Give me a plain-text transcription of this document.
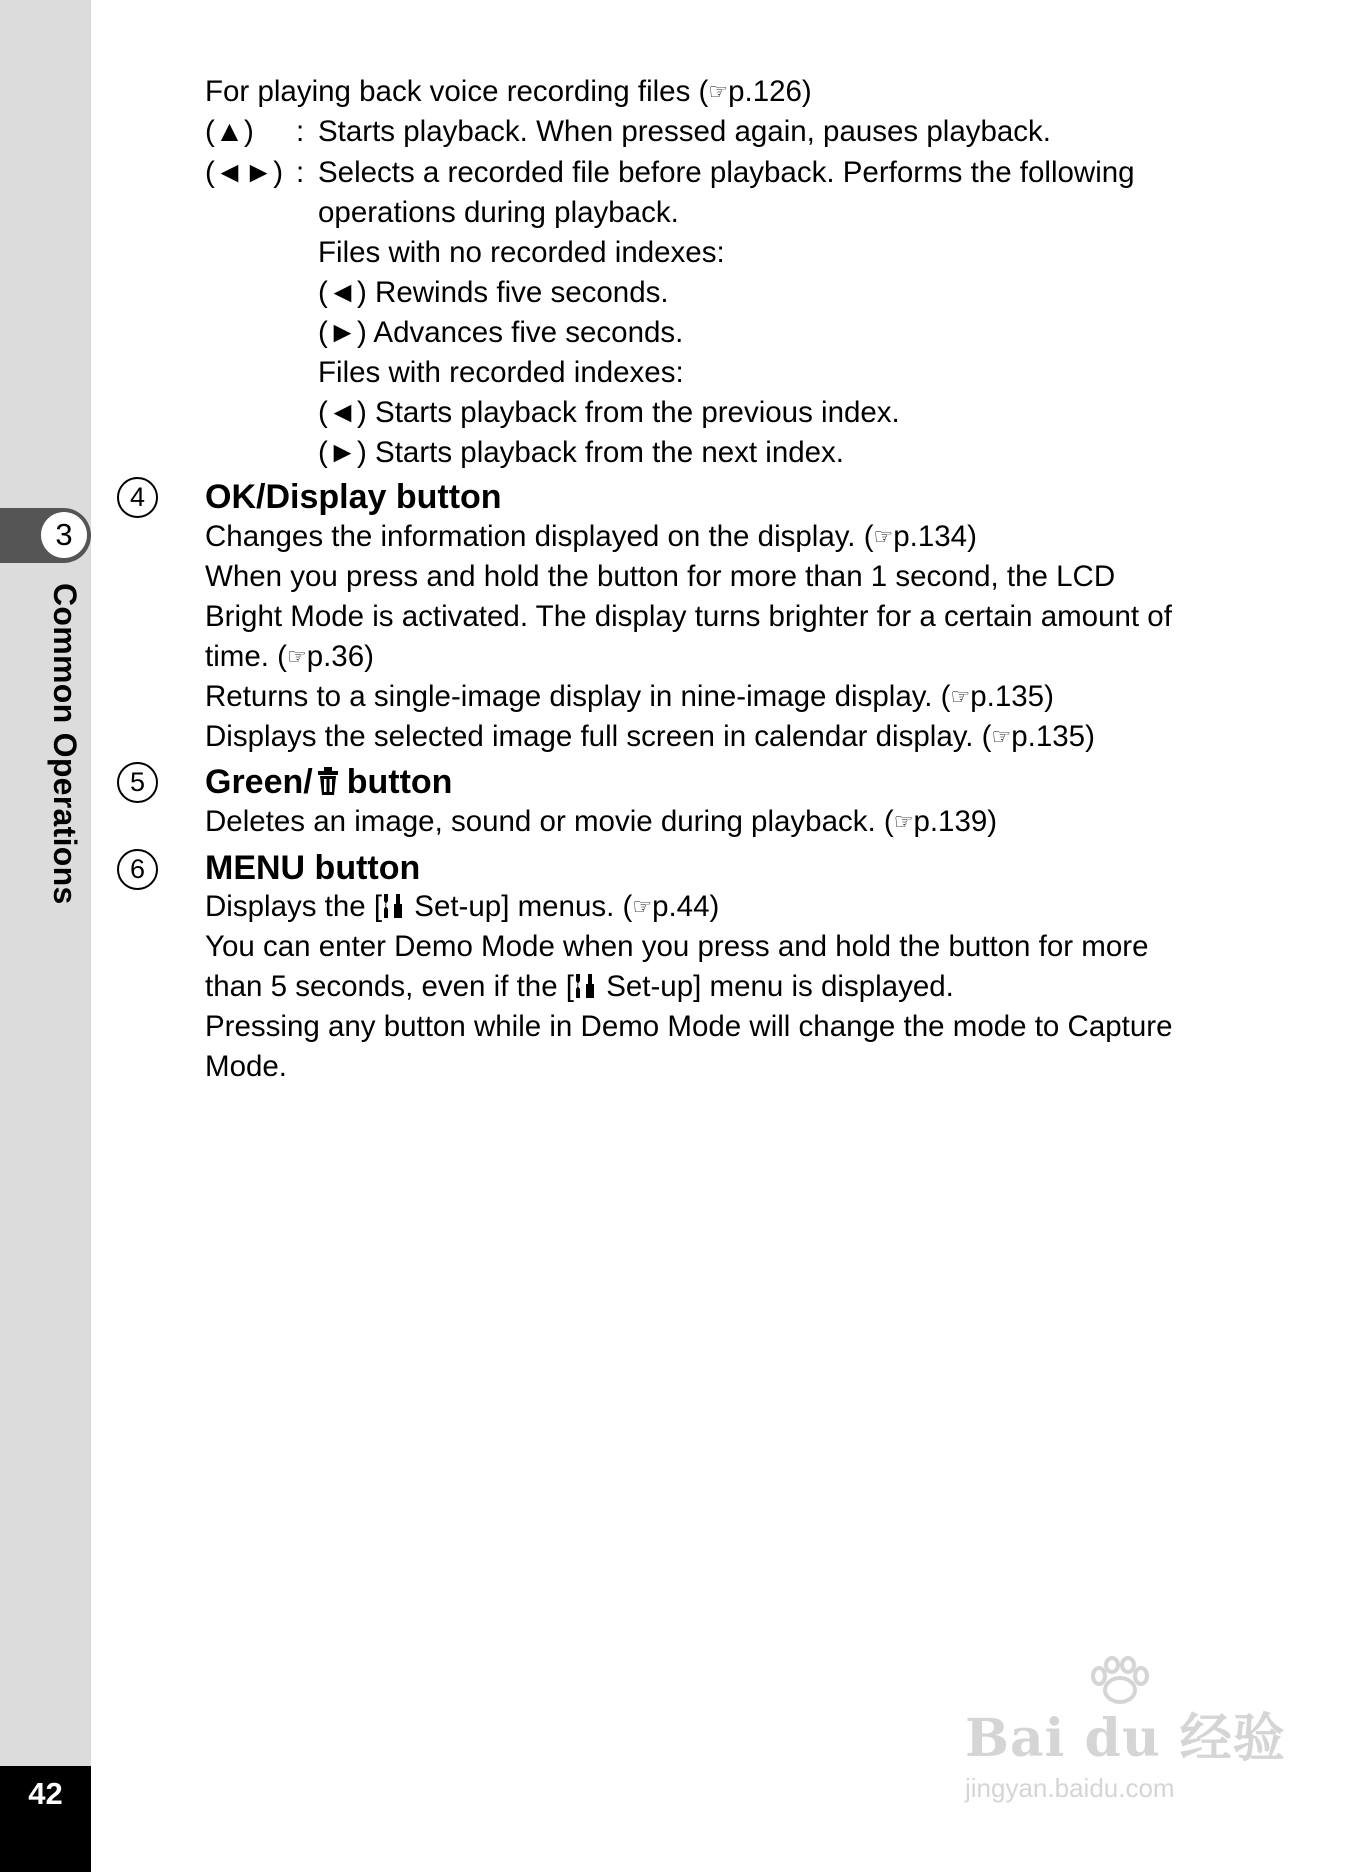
3
Common Operations
42
For playing back voice recording files (☞p.126)
(▲) : Starts playback. When pressed again, pauses playback.
(◄►) : Selects a recorded file before playback. Performs the following
operations during playback.
Files with no recorded indexes:
(◄) Rewinds five seconds.
(►) Advances five seconds.
Files with recorded indexes:
(◄) Starts playback from the previous index.
(►) Starts playback from the next index.
4	OK/Display button
Changes the information displayed on the display. (☞p.134)
When you press and hold the button for more than 1 second, the LCD
Bright Mode is activated. The display turns brighter for a certain amount of
time. (☞p.36)
Returns to a single-image display in nine-image display. (☞p.135)
Displays the selected image full screen in calendar display. (☞p.135)
5	Green/ button
Deletes an image, sound or movie during playback. (☞p.139)
6	MENU button
Displays the [ Set-up] menus. (☞p.44)
You can enter Demo Mode when you press and hold the button for more
than 5 seconds, even if the [ Set-up] menu is displayed.
Pressing any button while in Demo Mode will change the mode to Capture
Mode.
Bai du 经验
jingyan.baidu.com
